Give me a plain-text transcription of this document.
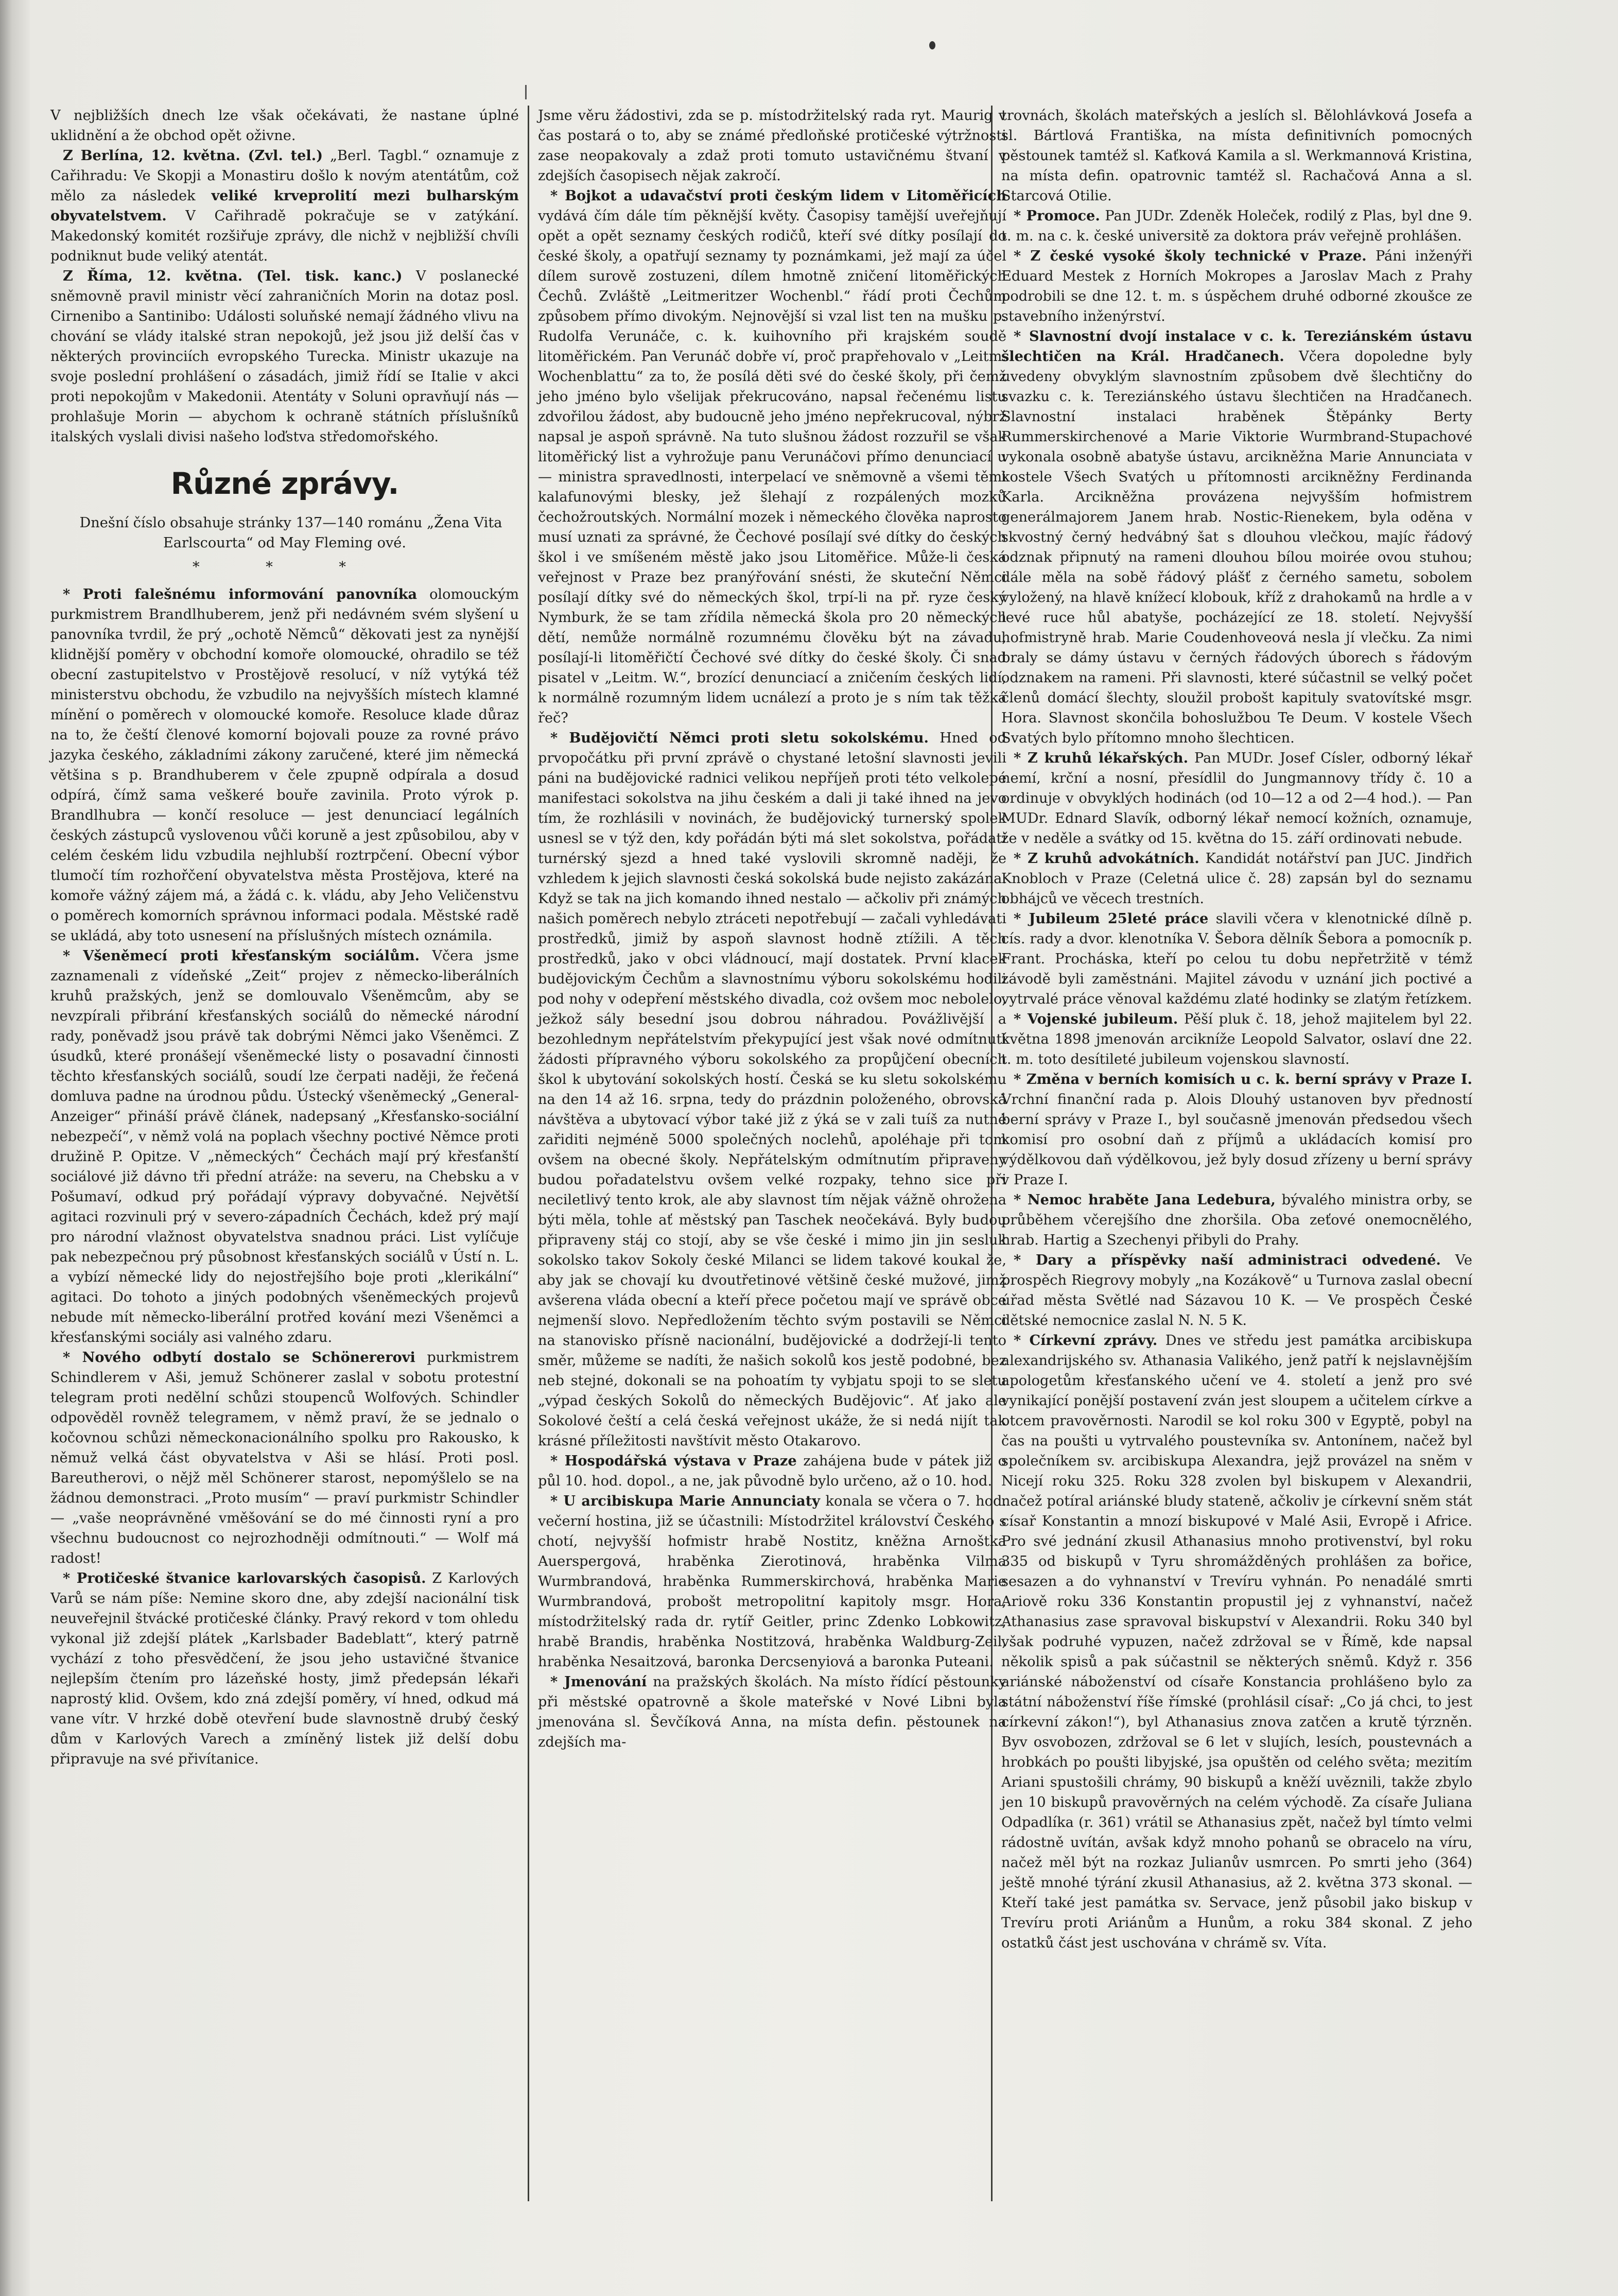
V nejbližších dnech lze však očekávati, že nastane úplné uklidnění a že obchod opět oživne.

Z Berlína, 12. května. (Zvl. tel.) „Berl. Tagbl.“ oznamuje z Cařihradu: Ve Skopji a Monastiru došlo k novým atentátům, což mělo za následek veliké krveprolití mezi bulharským obyvatelstvem. V Cařihradě pokračuje se v zatýkání. Makedonský komitét rozšiřuje zprávy, dle nichž v nejbližší chvíli podniknut bude veliký atentát.

Z Říma, 12. května. (Tel. tisk. kanc.) V poslanecké sněmovně pravil ministr věcí zahraničních Morin na dotaz posl. Cirnenibo a Santinibo: Události soluňské nemají žádného vlivu na chování se vlády italské stran nepokojů, jež jsou již delší čas v některých provinciích evropského Turecka. Ministr ukazuje na svoje poslední prohlášení o zásadách, jimiž řídí se Italie v akci proti nepokojům v Makedonii. Atentáty v Soluni opravňují nás — prohlašuje Morin — abychom k ochraně státních příslušníků italských vyslali divisi našeho loďstva středomořského.

Různé zprávy.

Dnešní číslo obsahuje stránky 137—140 románu „Žena Vita Earlscourta“ od May Fleming ové.

* * *

* Proti falešnému informování panovníka olomouckým purkmistrem Brandlhuberem, jenž při nedávném svém slyšení u panovníka tvrdil, že prý „ochotě Němců“ děkovati jest za nynější klidnější poměry v obchodní komoře olomoucké, ohradilo se též obecní zastupitelstvo v Prostějově resolucí, v níž vytýká též ministerstvu obchodu, že vzbudilo na nejvyšších místech klamné mínění o poměrech v olomoucké komoře. Resoluce klade důraz na to, že čeští členové komorní bojovali pouze za rovné právo jazyka českého, základními zákony zaručené, které jim německá většina s p. Brandhuberem v čele zpupně odpírala a dosud odpírá, čímž sama veškeré bouře zavinila. Proto výrok p. Brandlhubra — končí resoluce — jest denunciací legálních českých zástupců vyslovenou vůči koruně a jest způsobilou, aby v celém českém lidu vzbudila nejhlubší roztrpčení. Obecní výbor tlumočí tím rozhořčení obyvatelstva města Prostějova, které na komoře vážný zájem má, a žádá c. k. vládu, aby Jeho Veličenstvu o poměrech komorních správnou informaci podala. Městské radě se ukládá, aby toto usnesení na příslušných místech oznámila.

* Všeněmecí proti křesťanským sociálům. Včera jsme zaznamenali z vídeňské „Zeit“ projev z německo-liberálních kruhů pražských, jenž se domlouvalo Všeněmcům, aby se nevzpírali přibrání křesťanských sociálů do německé národní rady, poněvadž jsou právě tak dobrými Němci jako Všeněmci. Z úsudků, které pronášejí všeněmecké listy o posavadní činnosti těchto křesťanských sociálů, soudí lze čerpati naději, že řečená domluva padne na úrodnou půdu. Ústecký všeněmecký „General-Anzeiger“ přináší právě článek, nadepsaný „Křesťansko-sociální nebezpečí“, v němž volá na poplach všechny poctivé Němce proti družině P. Opitze. V „německých“ Čechách mají prý křesťanští sociálové již dávno tři přední atráže: na severu, na Chebsku a v Pošumaví, odkud prý pořádají výpravy dobyvačné. Největší agitaci rozvinuli prý v severo-západních Čechách, kdež prý mají pro národní vlažnost obyvatelstva snadnou práci. List vylíčuje pak nebezpečnou prý působnost křesťanských sociálů v Ústí n. L. a vybízí německé lidy do nejostřejšího boje proti „klerikální“ agitaci. Do tohoto a jiných podobných všeněmeckých projevů nebude mít německo-liberální protřed kování mezi Všeněmci a křesťanskými sociály asi valného zdaru.

* Nového odbytí dostalo se Schönererovi purkmistrem Schindlerem v Aši, jemuž Schönerer zaslal v sobotu protestní telegram proti nedělní schůzi stoupenců Wolfových. Schindler odpověděl rovněž telegramem, v němž praví, že se jednalo o kočovnou schůzi německonacionálního spolku pro Rakousko, k němuž velká část obyvatelstva v Aši se hlásí. Proti posl. Bareutherovi, o nějž měl Schönerer starost, nepomýšlelo se na žádnou demonstraci. „Proto musím“ — praví purkmistr Schindler — „vaše neoprávněné vměšování se do mé činnosti ryní a pro všechnu budoucnost co nejrozhodněji odmítnouti.“ — Wolf má radost!

* Protičeské štvanice karlovarských časopisů. Z Karlových Varů se nám píše: Nemine skoro dne, aby zdejší nacionální tisk neuveřejnil štvácké protičeské články. Pravý rekord v tom ohledu vykonal již zdejší plátek „Karlsbader Badeblatt“, který patrně vychází z toho přesvědčení, že jsou jeho ustavičné štvanice nejlepším čtením pro lázeňské hosty, jimž předepsán lékaři naprostý klid. Ovšem, kdo zná zdejší poměry, ví hned, odkud má vane vítr. V hrzké době otevření bude slavnostně drubý český dům v Karlových Varech a zmíněný listek již delší dobu připravuje na své přivítanice.

Jsme věru žádostivi, zda se p. místodržitelský rada ryt. Maurig v čas postará o to, aby se známé předloňské protičeské výtržnosti zase neopakovaly a zdaž proti tomuto ustavičnému štvaní v zdejších časopisech nějak zakročí.

* Bojkot a udavačství proti českým lidem v Litoměřicích vydává čím dále tím pěknější květy. Časopisy tamější uveřejňují opět a opět seznamy českých rodičů, kteří své dítky posílají do české školy, a opatřují seznamy ty poznámkami, jež mají za účel dílem surově zostuzeni, dílem hmotně zničení litoměřických Čechů. Zvláště „Leitmeritzer Wochenbl.“ řádí proti Čechům způsobem přímo divokým. Nejnovější si vzal list ten na mušku p. Rudolfa Verunáče, c. k. kuihovního při krajském soudě litoměřickém. Pan Verunáč dobře ví, proč prapřehovalo v „Leitm. Wochenblattu“ za to, že posílá děti své do české školy, při čemž jeho jméno bylo všelijak překrucováno, napsal řečenému listu zdvořilou žádost, aby budoucně jeho jméno nepřekrucoval, nýbrž napsal je aspoň správně. Na tuto slušnou žádost rozzuřil se však litoměřický list a vyhrožuje panu Verunáčovi přímo denunciací u — ministra spravedlnosti, interpelací ve sněmovně a všemi těmi kalafunovými blesky, jež šlehají z rozpálených mozků čechožroutských. Normální mozek i německého člověka naprosto musí uznati za správné, že Čechové posílají své dítky do českých škol i ve smíšeném městě jako jsou Litoměřice. Může-li česká veřejnost v Praze bez pranýřování snésti, že skuteční Němci posílají dítky své do německých škol, trpí-li na př. ryze český Nymburk, že se tam zřídila německá škola pro 20 německých dětí, nemůže normálně rozumnému člověku být na závadu, posílají-li litoměřičtí Čechové své dítky do české školy. Či snad pisatel v „Leitm. W.“, brozící denunciací a zničením českých lidí, k normálně rozumným lidem ucnálezí a proto je s ním tak těžká řeč?

* Budějovičtí Němci proti sletu sokolskému. Hned od prvopočátku při první zprávě o chystané letošní slavnosti jevili páni na budějovické radnici velikou nepříjeň proti této velkolepé manifestaci sokolstva na jihu českém a dali ji také ihned na jevo tím, že rozhlásili v novinách, že budějovický turnerský spolek usnesl se v týž den, kdy pořádán býti má slet sokolstva, pořádati turnérský sjezd a hned také vyslovili skromně naději, že vzhledem k jejich slavnosti česká sokolská bude nejisto zakázána. Když se tak na jich komando ihned nestalo — ačkoliv při známých našich poměrech nebylo ztráceti nepotřebují — začali vyhledávati prostředků, jimiž by aspoň slavnost hodně ztížili. A těch prostředků, jako v obci vládnoucí, mají dostatek. První klacek budějovickým Čechům a slavnostnímu výboru sokolskému hodili pod nohy v odepření městského divadla, coż ovšem moc nebolelo, ježkož sály besední jsou dobrou náhradou. Povážlivější a bezohlednym nepřátelstvím překypující jest však nové odmítnutí žádosti přípravného výboru sokolského za propůjčení obecních škol k ubytování sokolských hostí. Česká se ku sletu sokolskému na den 14 až 16. srpna, tedy do prázdnin položeného, obrovská návštěva a ubytovací výbor také již z ýká se v zali tuíš za nutné zařiditi nejméně 5000 společných noclehů, apoléhaje při tom ovšem na obecné školy. Nepřátelským odmítnutím připraveny budou pořadatelstvu ovšem velké rozpaky, tehno sice při neciletlivý tento krok, ale aby slavnost tím nějak vážně ohrožena býti měla, tohle ať městský pan Taschek neočekává. Byly budou připraveny stáj co stojí, aby se vše české i mimo jin jin sesluk sokolsko takov Sokoly české Milanci se lidem takové koukal že, aby jak se chovají ku dvoutřetinové většině české mužové, jimž avšerena vláda obecní a kteří přece početou mají ve správě obce nejmenší slovo. Nepředložením těchto svým postavili se Němci na stanovisko přísně nacionální, budějovické a dodržejí-li tento směr, můžeme se nadíti, že našich sokolů kos jestě podobné, bez neb stejné, dokonali se na pohoatím ty vybjatu spoji to se sletu „výpad českých Sokolů do německých Budějovic“. Ať jako ale Sokolové čeští a celá česká veřejnost ukáže, že si nedá nijít tak krásné příležitosti navštívit město Otakarovo.

* Hospodářská výstava v Praze zahájena bude v pátek již o půl 10. hod. dopol., a ne, jak původně bylo určeno, až o 10. hod.

* U arcibiskupa Marie Annunciaty konala se včera o 7. hod. večerní hostina, již se účastnili: Místodržitel království Českého s chotí, nejvyšší hofmistr hrabě Nostitz, kněžna Arnoštka Auerspergová, hraběnka Zierotinová, hraběnka Vilma Wurmbrandová, hraběnka Rummerskirchová, hraběnka Marie Wurmbrandová, probošt metropolitní kapitoly msgr. Hora, místodržitelský rada dr. rytíř Geitler, princ Zdenko Lobkowitz, hrabě Brandis, hraběnka Nostitzová, hraběnka Waldburg-Zeil, hraběnka Nesaitzová, baronka Dercsenyiová a baronka Puteani.

* Jmenování na pražských školách. Na místo řídící pěstounky při městské opatrovně a škole mateřské v Nové Libni byla jmenována sl. Ševčíková Anna, na místa defin. pěstounek na zdejších ma-

trovnách, školách mateřských a jeslích sl. Bělohlávková Josefa a sl. Bártlová Františka, na místa definitivních pomocných pěstounek tamtéž sl. Kaťková Kamila a sl. Werkmannová Kristina, na místa defin. opatrovnic tamtéž sl. Rachačová Anna a sl. Starcová Otilie.

* Promoce. Pan JUDr. Zdeněk Holeček, rodilý z Plas, byl dne 9. t. m. na c. k. české universitě za doktora práv veřejně prohlášen.

* Z české vysoké školy technické v Praze. Páni inženýři Eduard Mestek z Horních Mokropes a Jaroslav Mach z Prahy podrobili se dne 12. t. m. s úspěchem druhé odborné zkoušce ze stavebního inženýrství.

* Slavnostní dvojí instalace v c. k. Tereziánském ústavu šlechtičen na Král. Hradčanech. Včera dopoledne byly uvedeny obvyklým slavnostním způsobem dvě šlechtičny do svazku c. k. Tereziánského ústavu šlechtičen na Hradčanech. Slavnostní instalaci hraběnek Štěpánky Berty Rummerskirchenové a Marie Viktorie Wurmbrand-Stupachové vykonala osobně abatyše ústavu, arcikněžna Marie Annunciata v kostele Všech Svatých u přítomnosti arcikněžny Ferdinanda Karla. Arcikněžna provázena nejvyšším hofmistrem generálmajorem Janem hrab. Nostic-Rienekem, byla oděna v skvostný černý hedvábný šat s dlouhou vlečkou, majíc řádový odznak připnutý na rameni dlouhou bílou moirée ovou stuhou; dále měla na sobě řádový plášť z černého sametu, sobolem vyložený, na hlavě knížecí klobouk, kříž z drahokamů na hrdle a v levé ruce hůl abatyše, pocházející ze 18. století. Nejvyšší hofmistryně hrab. Marie Coudenhoveová nesla jí vlečku. Za nimi braly se dámy ústavu v černých řádových úborech s řádovým odznakem na rameni. Při slavnosti, které súčastnil se velký počet členů domácí šlechty, sloužil probošt kapituly svatovítské msgr. Hora. Slavnost skončila bohoslužbou Te Deum. V kostele Všech Svatých bylo přítomno mnoho šlechticen.

* Z kruhů lékařských. Pan MUDr. Josef Císler, odborný lékař nemí, krční a nosní, přesídlil do Jungmannovy třídy č. 10 a ordinuje v obvyklých hodinách (od 10—12 a od 2—4 hod.). — Pan MUDr. Ednard Slavík, odborný lékař nemocí kožních, oznamuje, že v neděle a svátky od 15. května do 15. září ordinovati nebude.

* Z kruhů advokátních. Kandidát notářství pan JUC. Jindřich Knobloch v Praze (Celetná ulice č. 28) zapsán byl do seznamu obhájců ve věcech trestních.

* Jubileum 25leté práce slavili včera v klenotnické dílně p. cís. rady a dvor. klenotníka V. Šebora dělník Šebora a pomocník p. Frant. Procháska, kteří po celou tu dobu nepřetržitě v témž závodě byli zaměstnáni. Majitel závodu v uznání jich poctivé a vytrvalé práce věnoval každému zlaté hodinky se zlatým řetízkem.

* Vojenské jubileum. Pěší pluk č. 18, jehož majitelem byl 22. května 1898 jmenován arcikníže Leopold Salvator, oslaví dne 22. t. m. toto desítileté jubileum vojenskou slavností.

* Změna v berních komisích u c. k. berní správy v Praze I. Vrchní finanční rada p. Alois Dlouhý ustanoven byv předností berní správy v Praze I., byl současně jmenován předsedou všech komisí pro osobní daň z příjmů a ukládacích komisí pro výdělkovou daň výdělkovou, jež byly dosud zřízeny u berní správy v Praze I.

* Nemoc hraběte Jana Ledebura, bývalého ministra orby, se průběhem včerejšího dne zhoršila. Oba zeťové onemocnělého, hrab. Hartig a Szechenyi přibyli do Prahy.

* Dary a příspěvky naší administraci odvedené. Ve prospěch Riegrovy mobyly „na Kozákově“ u Turnova zaslal obecní úřad města Světlé nad Sázavou 10 K. — Ve prospěch České dětské nemocnice zaslal N. N. 5 K.

* Církevní zprávy. Dnes ve středu jest památka arcibiskupa alexandrijského sv. Athanasia Valikého, jenž patří k nejslavnějším apologetům křesťanského učení ve 4. století a jenž pro své vynikající ponější postavení zván jest sloupem a učitelem církve a otcem pravověrnosti. Narodil se kol roku 300 v Egyptě, pobyl na čas na poušti u vytrvalého poustevníka sv. Antonínem, načež byl společníkem sv. arcibiskupa Alexandra, jejž provázel na sněm v Nicejí roku 325. Roku 328 zvolen byl biskupem v Alexandrii, načež potíral ariánské bludy stateně, ačkoliv je církevní sněm stát císař Konstantin a mnozí biskupové v Malé Asii, Evropě i Africe. Pro své jednání zkusil Athanasius mnoho protivenství, byl roku 335 od biskupů v Tyru shromážděných prohlášen za bořice, sesazen a do vyhnanství v Trevíru vyhnán. Po nenadálé smrti Ariově roku 336 Konstantin propustil jej z vyhnanství, načež Athanasius zase spravoval biskupství v Alexandrii. Roku 340 byl však podruhé vypuzen, načež zdržoval se v Římě, kde napsal několik spisů a pak súčastnil se některých sněmů. Když r. 356 ariánské náboženství od císaře Konstancia prohlášeno bylo za státní náboženství říše římské (prohlásil císař: „Co já chci, to jest církevní zákon!“), byl Athanasius znova zatčen a krutě týrzněn. Byv osvobozen, zdržoval se 6 let v slujích, lesích, poustevnách a hrobkách po poušti libyjské, jsa opuštěn od celého světa; mezitím Ariani spustošili chrámy, 90 biskupů a kněží uvěznili, takže zbylo jen 10 biskupů pravověrných na celém východě. Za císaře Juliana Odpadlíka (r. 361) vrátil se Athanasius zpět, načež byl tímto velmi rádostně uvítán, avšak když mnoho pohanů se obracelo na víru, načež měl být na rozkaz Julianův usmrcen. Po smrti jeho (364) ještě mnohé týrání zkusil Athanasius, až 2. května 373 skonal. — Kteří také jest památka sv. Servace, jenž působil jako biskup v Trevíru proti Ariánům a Hunům, a roku 384 skonal. Z jeho ostatků část jest uschována v chrámě sv. Víta.
